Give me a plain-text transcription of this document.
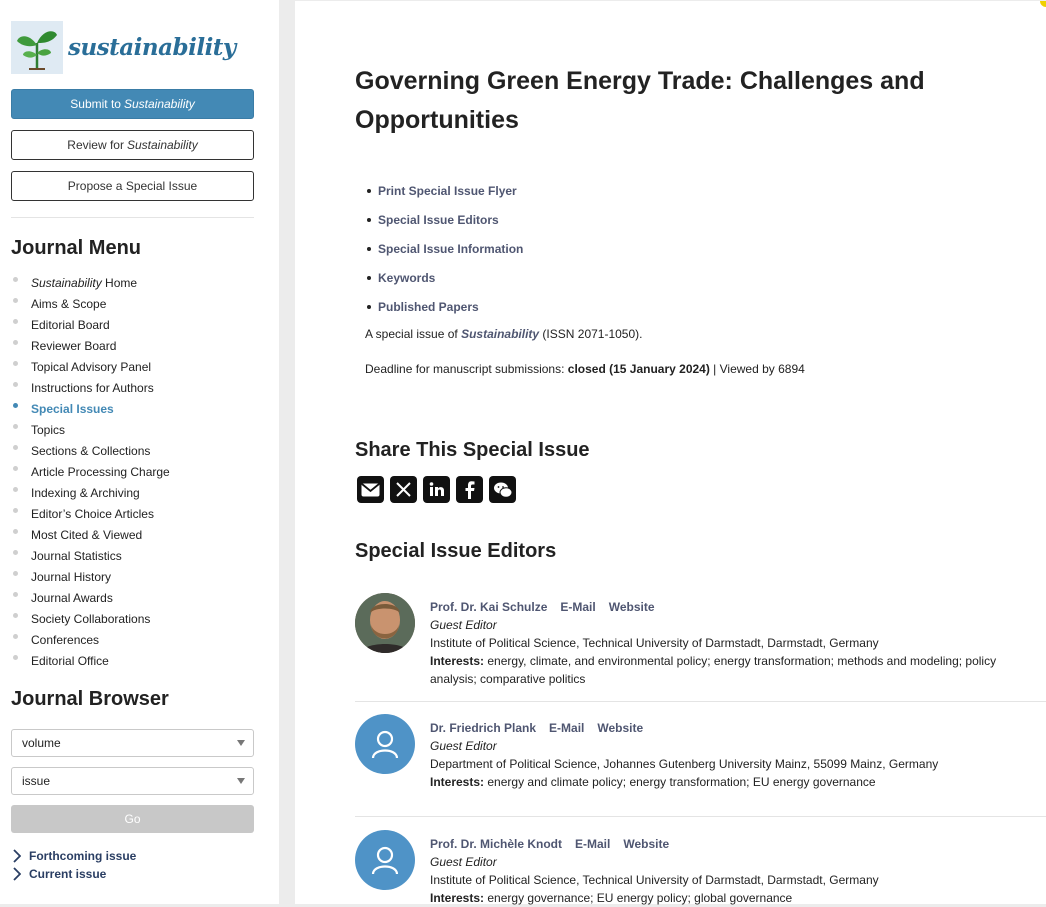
sustainability
Submit to Sustainability
Review for Sustainability
Propose a Special Issue
Journal Menu
Sustainability Home
Aims & Scope
Editorial Board
Reviewer Board
Topical Advisory Panel
Instructions for Authors
Special Issues
Topics
Sections & Collections
Article Processing Charge
Indexing & Archiving
Editor’s Choice Articles
Most Cited & Viewed
Journal Statistics
Journal History
Journal Awards
Society Collaborations
Conferences
Editorial Office
Journal Browser
volume
issue
Go
Forthcoming issue
Current issue
Governing Green Energy Trade: Challenges and Opportunities
Print Special Issue Flyer
Special Issue Editors
Special Issue Information
Keywords
Published Papers

A special issue of Sustainability (ISSN 2071-1050).

Deadline for manuscript submissions: closed (15 January 2024) | Viewed by 6894

Share This Special Issue
Special Issue Editors
Prof. Dr. Kai Schulze E-Mail Website
Guest Editor
Institute of Political Science, Technical University of Darmstadt, Darmstadt, Germany
Interests: energy, climate, and environmental policy; energy transformation; methods and modeling; policy analysis; comparative politics
Dr. Friedrich Plank E-Mail Website
Guest Editor
Department of Political Science, Johannes Gutenberg University Mainz, 55099 Mainz, Germany
Interests: energy and climate policy; energy transformation; EU energy governance
Prof. Dr. Michèle Knodt E-Mail Website
Guest Editor
Institute of Political Science, Technical University of Darmstadt, Darmstadt, Germany
Interests: energy governance; EU energy policy; global governance
